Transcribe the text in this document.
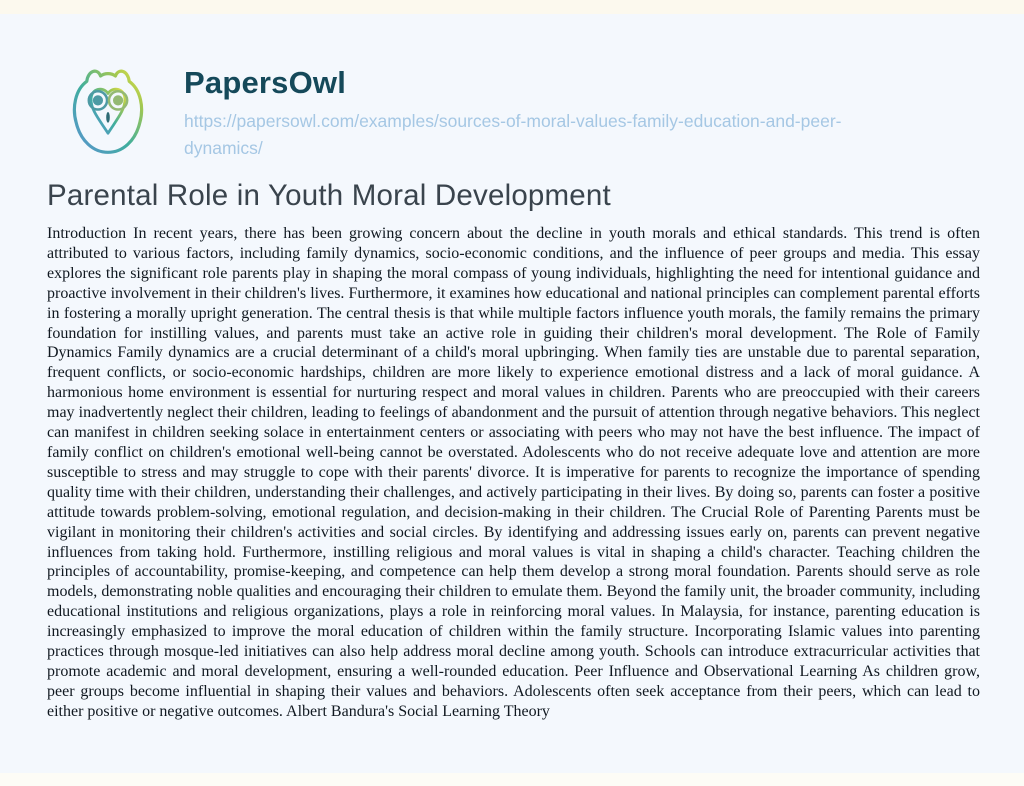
PapersOwl
https://papersowl.com/examples/sources-of-moral-values-family-education-and-peer-dynamics/
Parental Role in Youth Moral Development

Introduction In recent years, there has been growing concern about the decline in youth morals and ethical standards. This trend is often attributed to various factors, including family dynamics, socio-economic conditions, and the influence of peer groups and media. This essay explores the significant role parents play in shaping the moral compass of young individuals, highlighting the need for intentional guidance and proactive involvement in their children's lives. Furthermore, it examines how educational and national principles can complement parental efforts in fostering a morally upright generation. The central thesis is that while multiple factors influence youth morals, the family remains the primary foundation for instilling values, and parents must take an active role in guiding their children's moral development. The Role of Family Dynamics Family dynamics are a crucial determinant of a child's moral upbringing. When family ties are unstable due to parental separation, frequent conflicts, or socio-economic hardships, children are more likely to experience emotional distress and a lack of moral guidance. A harmonious home environment is essential for nurturing respect and moral values in children. Parents who are preoccupied with their careers may inadvertently neglect their children, leading to feelings of abandonment and the pursuit of attention through negative behaviors. This neglect can manifest in children seeking solace in entertainment centers or associating with peers who may not have the best influence. The impact of family conflict on children's emotional well-being cannot be overstated. Adolescents who do not receive adequate love and attention are more susceptible to stress and may struggle to cope with their parents' divorce. It is imperative for parents to recognize the importance of spending quality time with their children, understanding their challenges, and actively participating in their lives. By doing so, parents can foster a positive attitude towards problem-solving, emotional regulation, and decision-making in their children. The Crucial Role of Parenting Parents must be vigilant in monitoring their children's activities and social circles. By identifying and addressing issues early on, parents can prevent negative influences from taking hold. Furthermore, instilling religious and moral values is vital in shaping a child's character. Teaching children the principles of accountability, promise-keeping, and competence can help them develop a strong moral foundation. Parents should serve as role models, demonstrating noble qualities and encouraging their children to emulate them. Beyond the family unit, the broader community, including educational institutions and religious organizations, plays a role in reinforcing moral values. In Malaysia, for instance, parenting education is increasingly emphasized to improve the moral education of children within the family structure. Incorporating Islamic values into parenting practices through mosque-led initiatives can also help address moral decline among youth. Schools can introduce extracurricular activities that promote academic and moral development, ensuring a well-rounded education. Peer Influence and Observational Learning As children grow, peer groups become influential in shaping their values and behaviors. Adolescents often seek acceptance from their peers, which can lead to either positive or negative outcomes. Albert Bandura's Social Learning Theory
